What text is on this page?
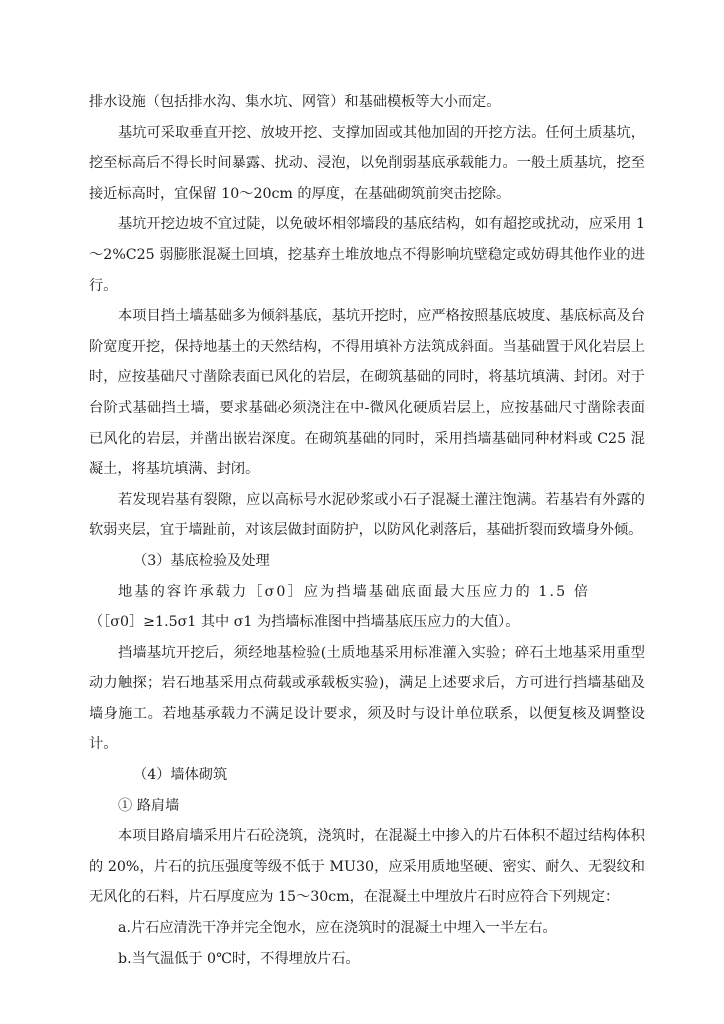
排水设施（包括排水沟、集水坑、网管）和基础模板等大小而定。

基坑可采取垂直开挖、放坡开挖、支撑加固或其他加固的开挖方法。任何土质基坑，挖至标高后不得长时间暴露、扰动、浸泡，以免削弱基底承载能力。一般土质基坑，挖至接近标高时，宜保留 10～20cm 的厚度，在基础砌筑前突击挖除。

基坑开挖边坡不宜过陡，以免破坏相邻墙段的基底结构，如有超挖或扰动，应采用 1～2%C25 弱膨胀混凝土回填，挖基弃土堆放地点不得影响坑壁稳定或妨碍其他作业的进行。

本项目挡土墙基础多为倾斜基底，基坑开挖时，应严格按照基底坡度、基底标高及台阶宽度开挖，保持地基土的天然结构，不得用填补方法筑成斜面。当基础置于风化岩层上时，应按基础尺寸凿除表面已风化的岩层，在砌筑基础的同时，将基坑填满、封闭。对于台阶式基础挡土墙，要求基础必须浇注在中-微风化硬质岩层上，应按基础尺寸凿除表面已风化的岩层，并凿出嵌岩深度。在砌筑基础的同时，采用挡墙基础同种材料或 C25 混凝土，将基坑填满、封闭。

若发现岩基有裂隙，应以高标号水泥砂浆或小石子混凝土灌注饱满。若基岩有外露的软弱夹层，宜于墙趾前，对该层做封面防护，以防风化剥落后，基础折裂而致墙身外倾。

（3）基底检验及处理

地基的容许承载力［σ0］应为挡墙基础底面最大压应力的 1.5 倍

（［σ0］≥1.5σ1 其中 σ1 为挡墙标准图中挡墙基底压应力的大值）。

挡墙基坑开挖后，须经地基检验(土质地基采用标准灌入实验；碎石土地基采用重型动力触探；岩石地基采用点荷载或承载板实验)，满足上述要求后，方可进行挡墙基础及墙身施工。若地基承载力不满足设计要求，须及时与设计单位联系，以便复核及调整设计。

（4）墙体砌筑

① 路肩墙

本项目路肩墙采用片石砼浇筑，浇筑时，在混凝土中掺入的片石体积不超过结构体积的 20%，片石的抗压强度等级不低于 MU30，应采用质地坚硬、密实、耐久、无裂纹和无风化的石料，片石厚度应为 15～30cm，在混凝土中埋放片石时应符合下列规定：

a.片石应清洗干净并完全饱水，应在浇筑时的混凝土中埋入一半左右。

b.当气温低于 0℃时，不得埋放片石。
